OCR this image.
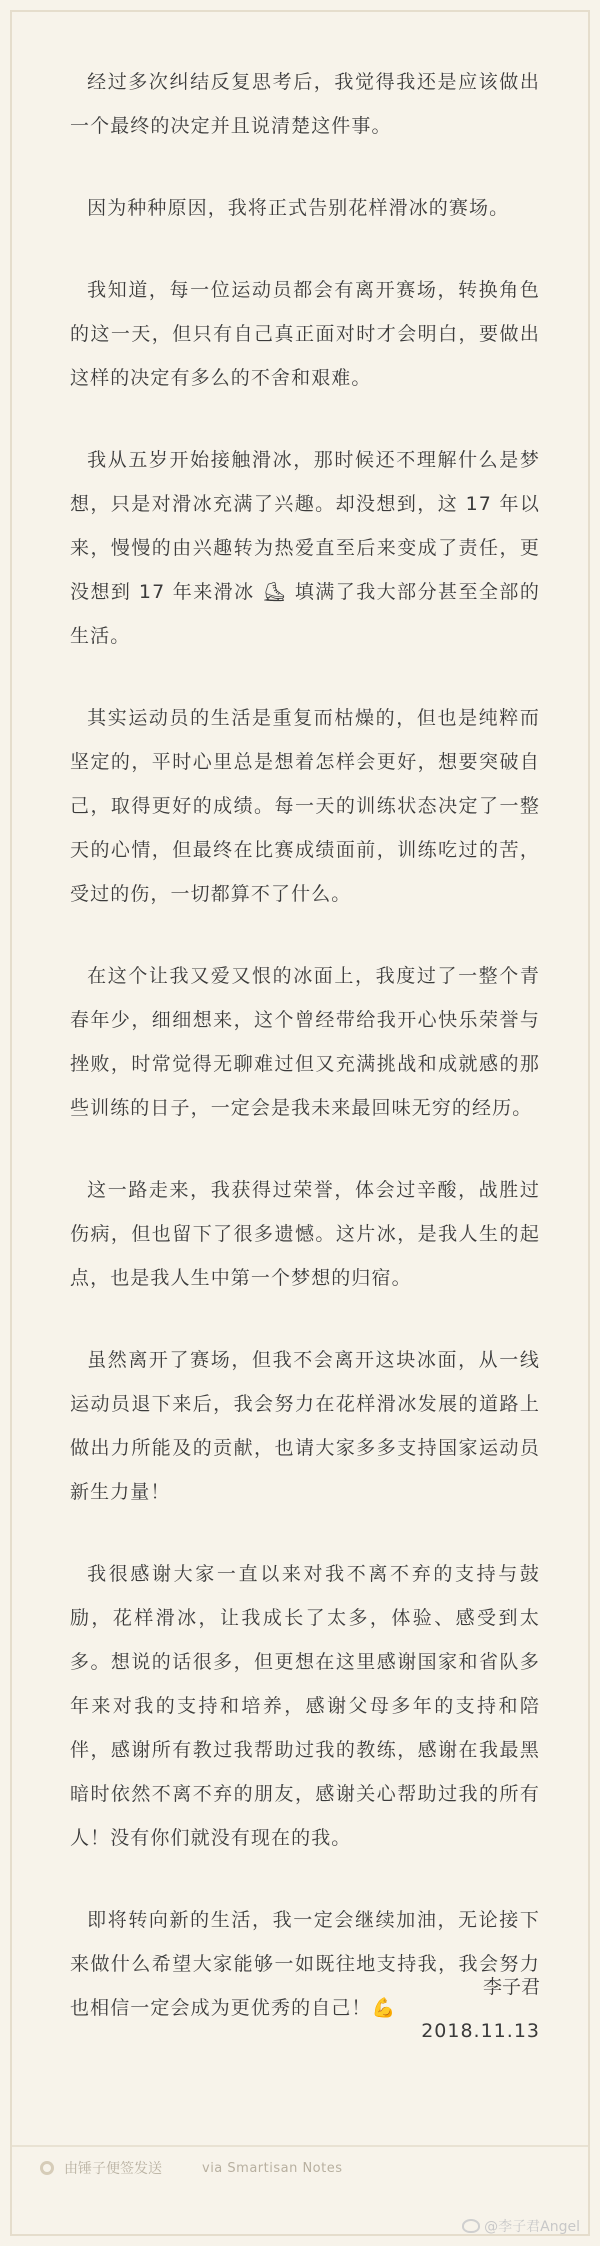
经过多次纠结反复思考后，我觉得我还是应该做出一个最终的决定并且说清楚这件事。

因为种种原因，我将正式告别花样滑冰的赛场。

我知道，每一位运动员都会有离开赛场，转换角色的这一天，但只有自己真正面对时才会明白，要做出这样的决定有多么的不舍和艰难。

我从五岁开始接触滑冰，那时候还不理解什么是梦想，只是对滑冰充满了兴趣。却没想到，这 17 年以来，慢慢的由兴趣转为热爱直至后来变成了责任，更没想到 17 年来滑冰 ⛸ 填满了我大部分甚至全部的生活。

其实运动员的生活是重复而枯燥的，但也是纯粹而坚定的，平时心里总是想着怎样会更好，想要突破自己，取得更好的成绩。每一天的训练状态决定了一整天的心情，但最终在比赛成绩面前，训练吃过的苦，受过的伤，一切都算不了什么。

在这个让我又爱又恨的冰面上，我度过了一整个青春年少，细细想来，这个曾经带给我开心快乐荣誉与挫败，时常觉得无聊难过但又充满挑战和成就感的那些训练的日子，一定会是我未来最回味无穷的经历。

这一路走来，我获得过荣誉，体会过辛酸，战胜过伤病，但也留下了很多遗憾。这片冰，是我人生的起点，也是我人生中第一个梦想的归宿。

虽然离开了赛场，但我不会离开这块冰面，从一线运动员退下来后，我会努力在花样滑冰发展的道路上做出力所能及的贡献，也请大家多多支持国家运动员新生力量！

我很感谢大家一直以来对我不离不弃的支持与鼓励，花样滑冰，让我成长了太多，体验、感受到太多。想说的话很多，但更想在这里感谢国家和省队多年来对我的支持和培养，感谢父母多年的支持和陪伴，感谢所有教过我帮助过我的教练，感谢在我最黑暗时依然不离不弃的朋友，感谢关心帮助过我的所有人！没有你们就没有现在的我。

即将转向新的生活，我一定会继续加油，无论接下来做什么希望大家能够一如既往地支持我，我会努力也相信一定会成为更优秀的自己！💪

李子君
2018.11.13
由锤子便签发送	via Smartisan Notes
@李子君Angel
